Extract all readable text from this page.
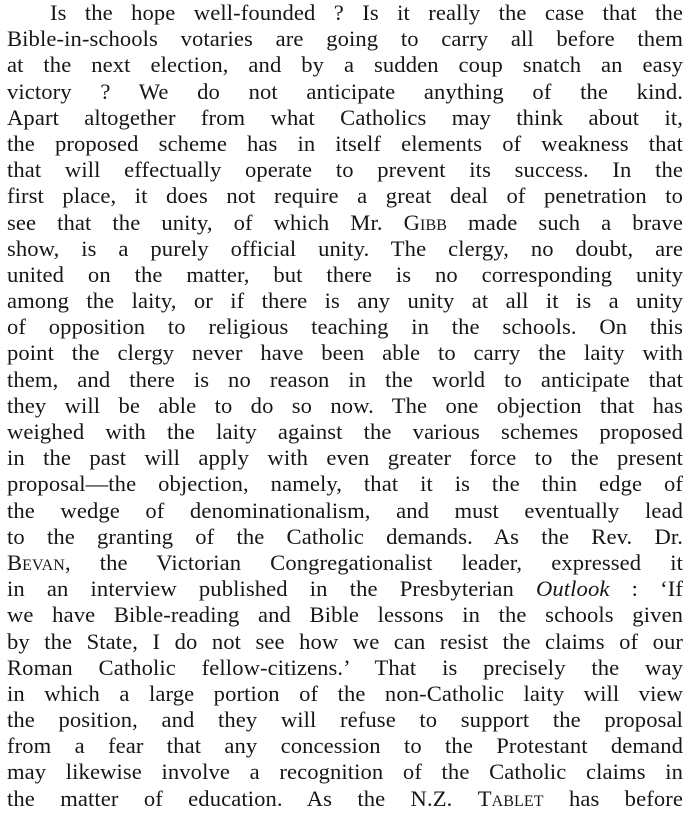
Is the hope well-founded ? Is it really the case that the
Bible-in-schools votaries are going to carry all before them
at the next election, and by a sudden coup snatch an easy
victory ? We do not anticipate anything of the kind.
Apart altogether from what Catholics may think about it,
the proposed scheme has in itself elements of weakness that
that will effectually operate to prevent its success. In the
first place, it does not require a great deal of penetration to
see that the unity, of which Mr. Gibb made such a brave
show, is a purely official unity. The clergy, no doubt, are
united on the matter, but there is no corresponding unity
among the laity, or if there is any unity at all it is a unity
of opposition to religious teaching in the schools. On this
point the clergy never have been able to carry the laity with
them, and there is no reason in the world to anticipate that
they will be able to do so now. The one objection that has
weighed with the laity against the various schemes proposed
in the past will apply with even greater force to the present
proposal—the objection, namely, that it is the thin edge of
the wedge of denominationalism, and must eventually lead
to the granting of the Catholic demands. As the Rev. Dr.
Bevan, the Victorian Congregationalist leader, expressed it
in an interview published in the Presbyterian Outlook : ‘If
we have Bible-reading and Bible lessons in the schools given
by the State, I do not see how we can resist the claims of our
Roman Catholic fellow-citizens.’ That is precisely the way
in which a large portion of the non-Catholic laity will view
the position, and they will refuse to support the proposal
from a fear that any concession to the Protestant demand
may likewise involve a recognition of the Catholic claims in
the matter of education. As the N.Z. Tablet has before
